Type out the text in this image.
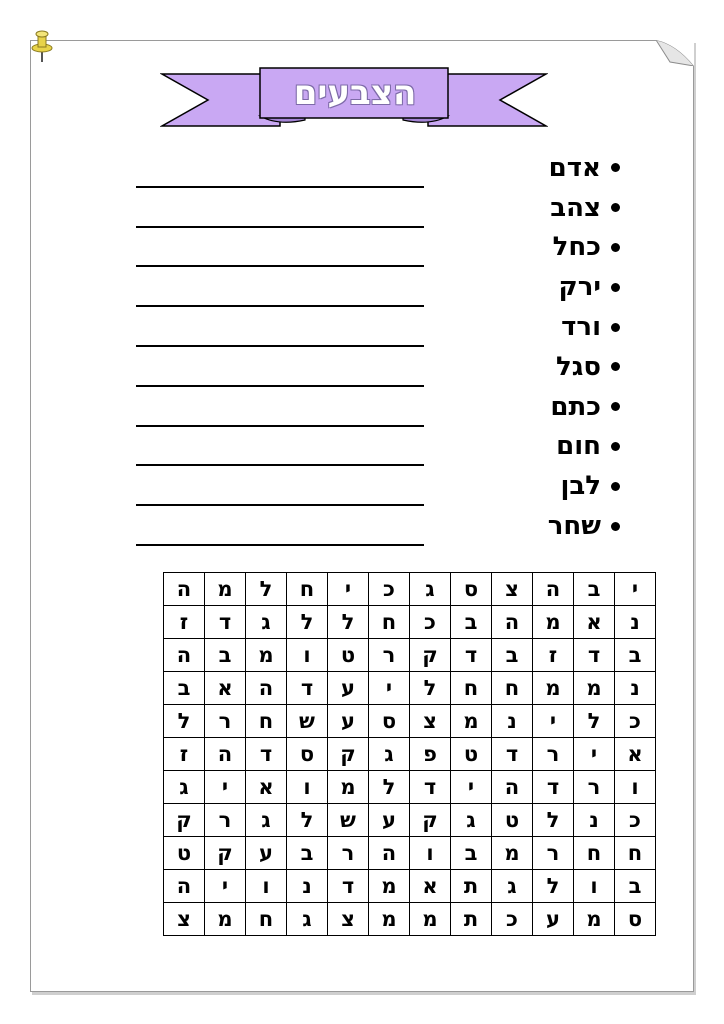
הצבעים
אדם
צהב
כחל
ירק
ורד
סגל
כתם
חום
לבן
שחר
י	ב	ה	צ	ס	ג	כ	י	ח	ל	מ	ה
נ	א	מ	ה	ב	כ	ח	ל	ל	ג	ד	ז
ב	ד	ז	ב	ד	ק	ר	ט	ו	מ	ב	ה
נ	מ	מ	ח	ח	ל	י	ע	ד	ה	א	ב
כ	ל	י	נ	מ	צ	ס	ע	ש	ח	ר	ל
א	י	ר	ד	ט	פ	ג	ק	ס	ד	ה	ז
ו	ר	ד	ה	י	ד	ל	מ	ו	א	י	ג
כ	נ	ל	ט	ג	ק	ע	ש	ל	ג	ר	ק
ח	ח	ר	מ	ב	ו	ה	ר	ב	ע	ק	ט
ב	ו	ל	ג	ת	א	מ	ד	נ	ו	י	ה
ס	מ	ע	כ	ת	מ	מ	צ	ג	ח	מ	צ
